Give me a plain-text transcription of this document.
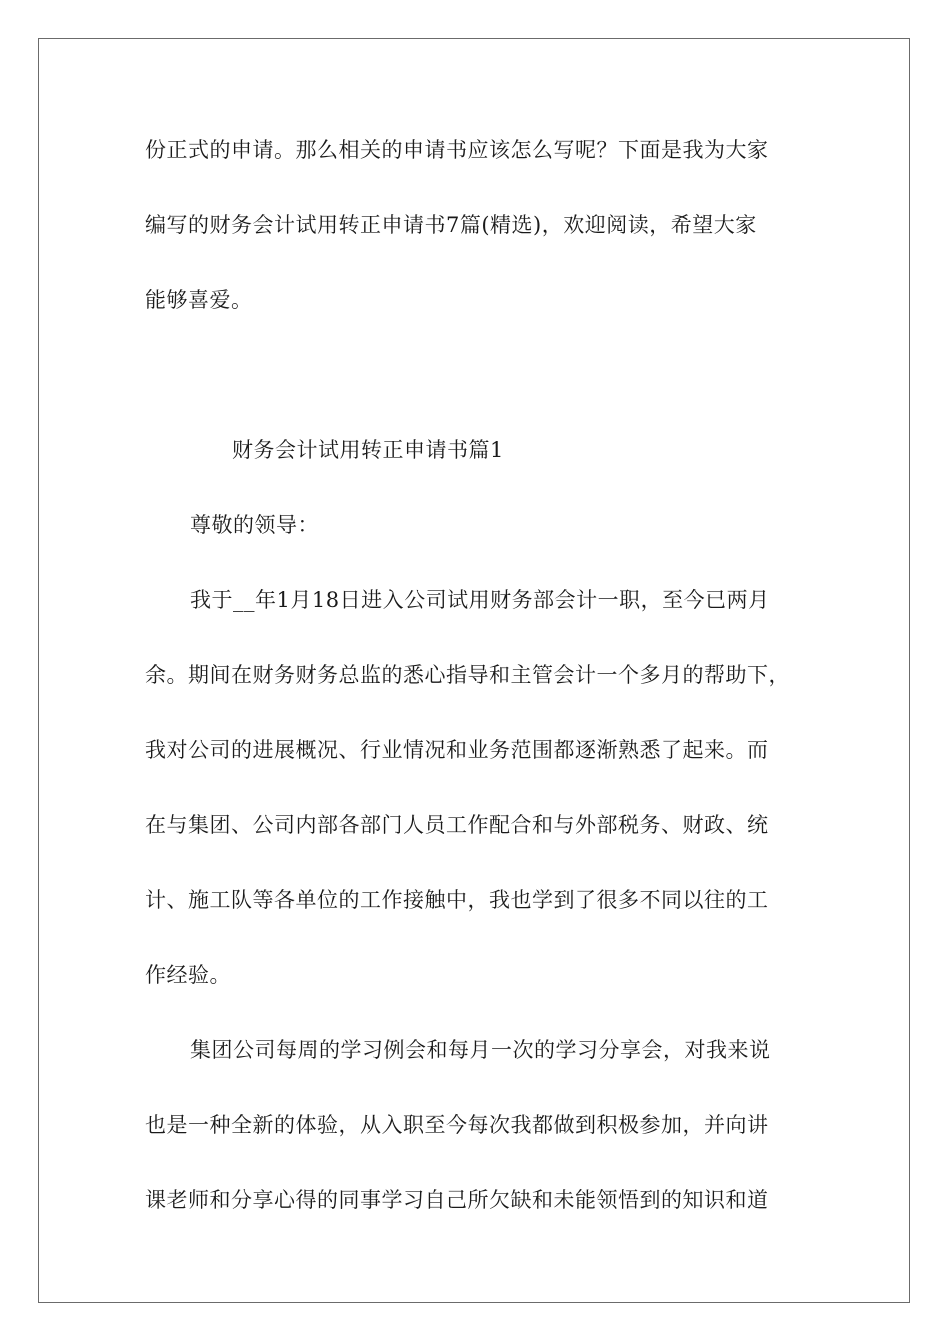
份正式的申请。那么相关的申请书应该怎么写呢？下面是我为大家
编写的财务会计试用转正申请书7篇(精选)，欢迎阅读，希望大家
能够喜爱。
财务会计试用转正申请书篇1
尊敬的领导：
我于__年1月18日进入公司试用财务部会计一职，至今已两月
余。期间在财务财务总监的悉心指导和主管会计一个多月的帮助下，
我对公司的进展概况、行业情况和业务范围都逐渐熟悉了起来。而
在与集团、公司内部各部门人员工作配合和与外部税务、财政、统
计、施工队等各单位的工作接触中，我也学到了很多不同以往的工
作经验。
集团公司每周的学习例会和每月一次的学习分享会，对我来说
也是一种全新的体验，从入职至今每次我都做到积极参加，并向讲
课老师和分享心得的同事学习自己所欠缺和未能领悟到的知识和道
